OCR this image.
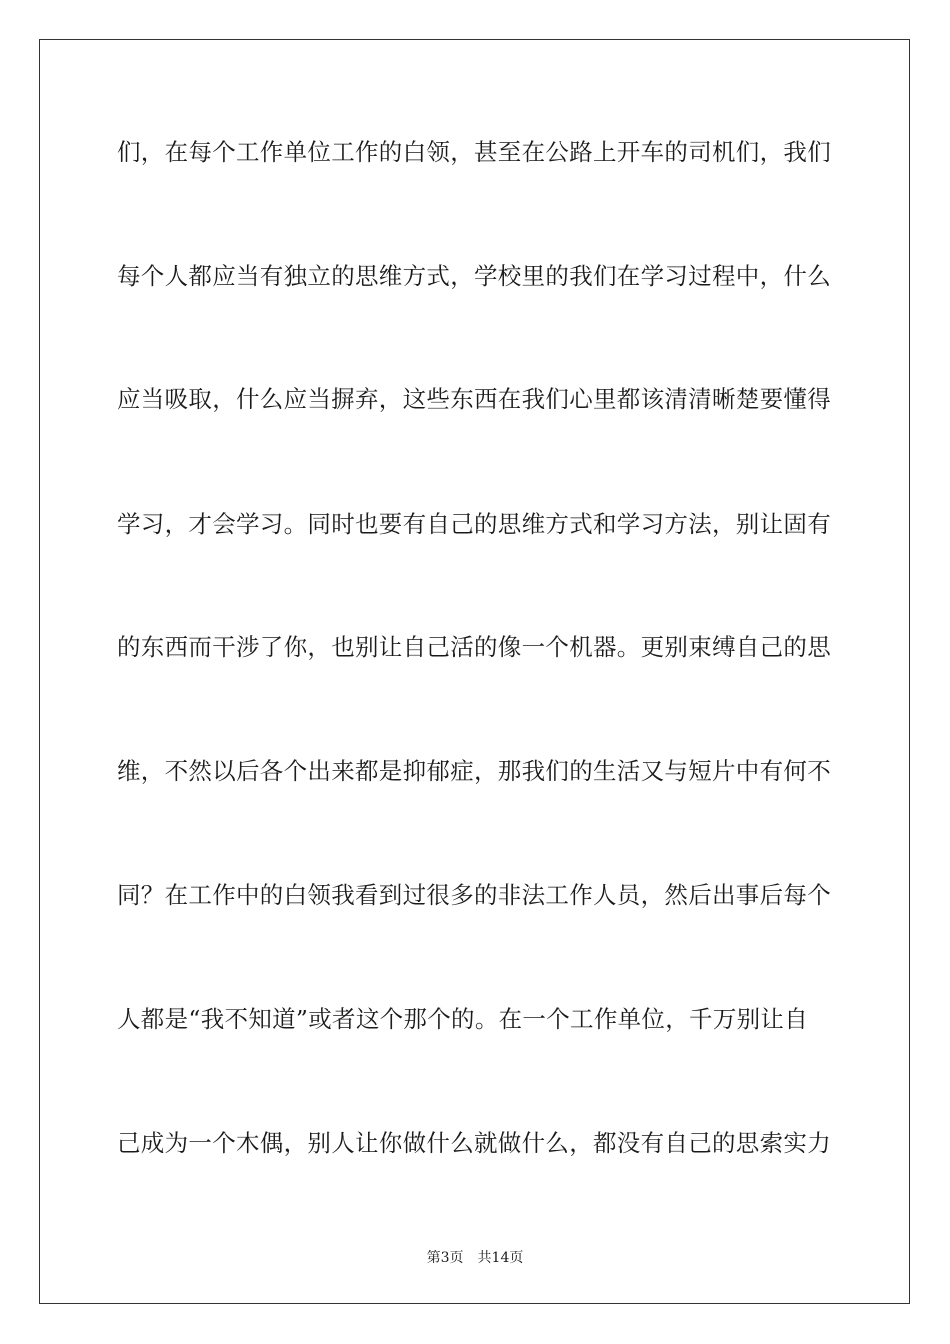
们，在每个工作单位工作的白领，甚至在公路上开车的司机们，我们
每个人都应当有独立的思维方式，学校里的我们在学习过程中，什么
应当吸取，什么应当摒弃，这些东西在我们心里都该清清晰楚要懂得
学习，才会学习。同时也要有自己的思维方式和学习方法，别让固有
的东西而干涉了你，也别让自己活的像一个机器。更别束缚自己的思
维，不然以后各个出来都是抑郁症，那我们的生活又与短片中有何不
同？在工作中的白领我看到过很多的非法工作人员，然后出事后每个
人都是“我不知道”或者这个那个的。在一个工作单位，千万别让自
己成为一个木偶，别人让你做什么就做什么，都没有自己的思索实力
第3页　共14页
